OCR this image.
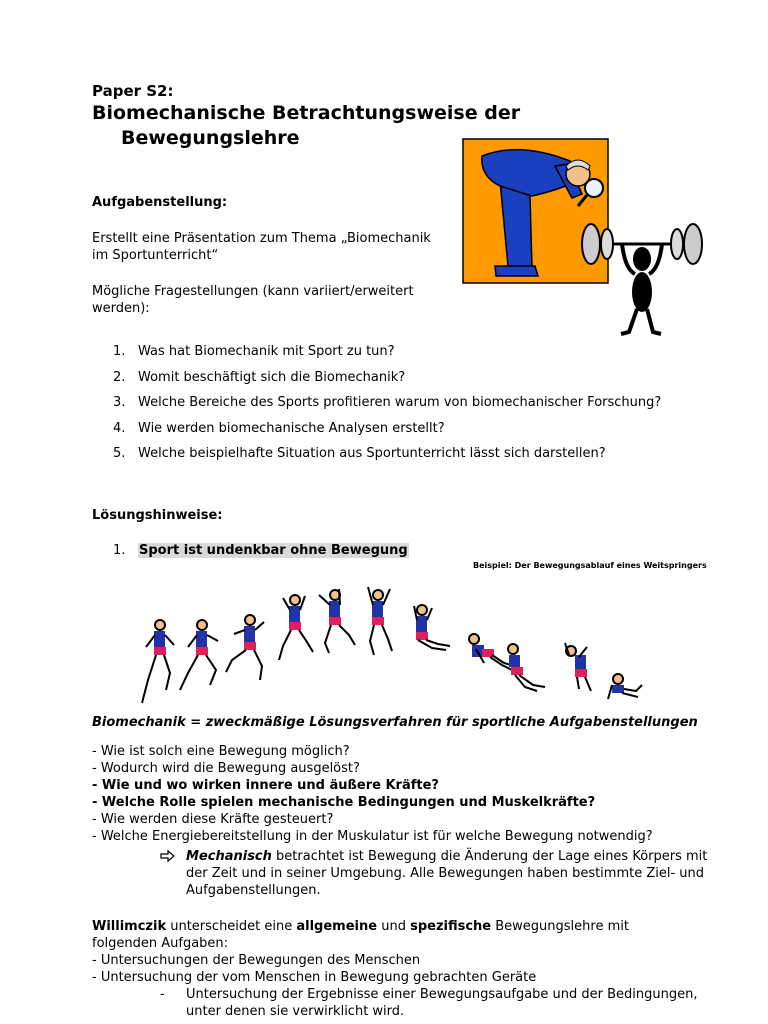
Paper S2:
Biomechanische Betrachtungsweise der
Bewegungslehre
Aufgabenstellung:
Erstellt eine Präsentation zum Thema „Biomechanik
im Sportunterricht“
Mögliche Fragestellungen (kann variiert/erweitert
werden):
1. Was hat Biomechanik mit Sport zu tun?
2. Womit beschäftigt sich die Biomechanik?
3. Welche Bereiche des Sports profitieren warum von biomechanischer Forschung?
4. Wie werden biomechanische Analysen erstellt?
5. Welche beispielhafte Situation aus Sportunterricht lässt sich darstellen?
Lösungshinweise:
1. Sport ist undenkbar ohne Bewegung
Beispiel: Der Bewegungsablauf eines Weitspringers
Biomechanik = zweckmäßige Lösungsverfahren für sportliche Aufgabenstellungen
- Wie ist solch eine Bewegung möglich?
- Wodurch wird die Bewegung ausgelöst?
- Wie und wo wirken innere und äußere Kräfte?
- Welche Rolle spielen mechanische Bedingungen und Muskelkräfte?
- Wie werden diese Kräfte gesteuert?
- Welche Energiebereitstellung in der Muskulatur ist für welche Bewegung notwendig?
Mechanisch betrachtet ist Bewegung die Änderung der Lage eines Körpers mit
der Zeit und in seiner Umgebung. Alle Bewegungen haben bestimmte Ziel- und
Aufgabenstellungen.
Willimczik unterscheidet eine allgemeine und spezifische Bewegungslehre mit
folgenden Aufgaben:
- Untersuchungen der Bewegungen des Menschen
- Untersuchung der vom Menschen in Bewegung gebrachten Geräte
- Untersuchung der Ergebnisse einer Bewegungsaufgabe und der Bedingungen,
unter denen sie verwirklicht wird.
